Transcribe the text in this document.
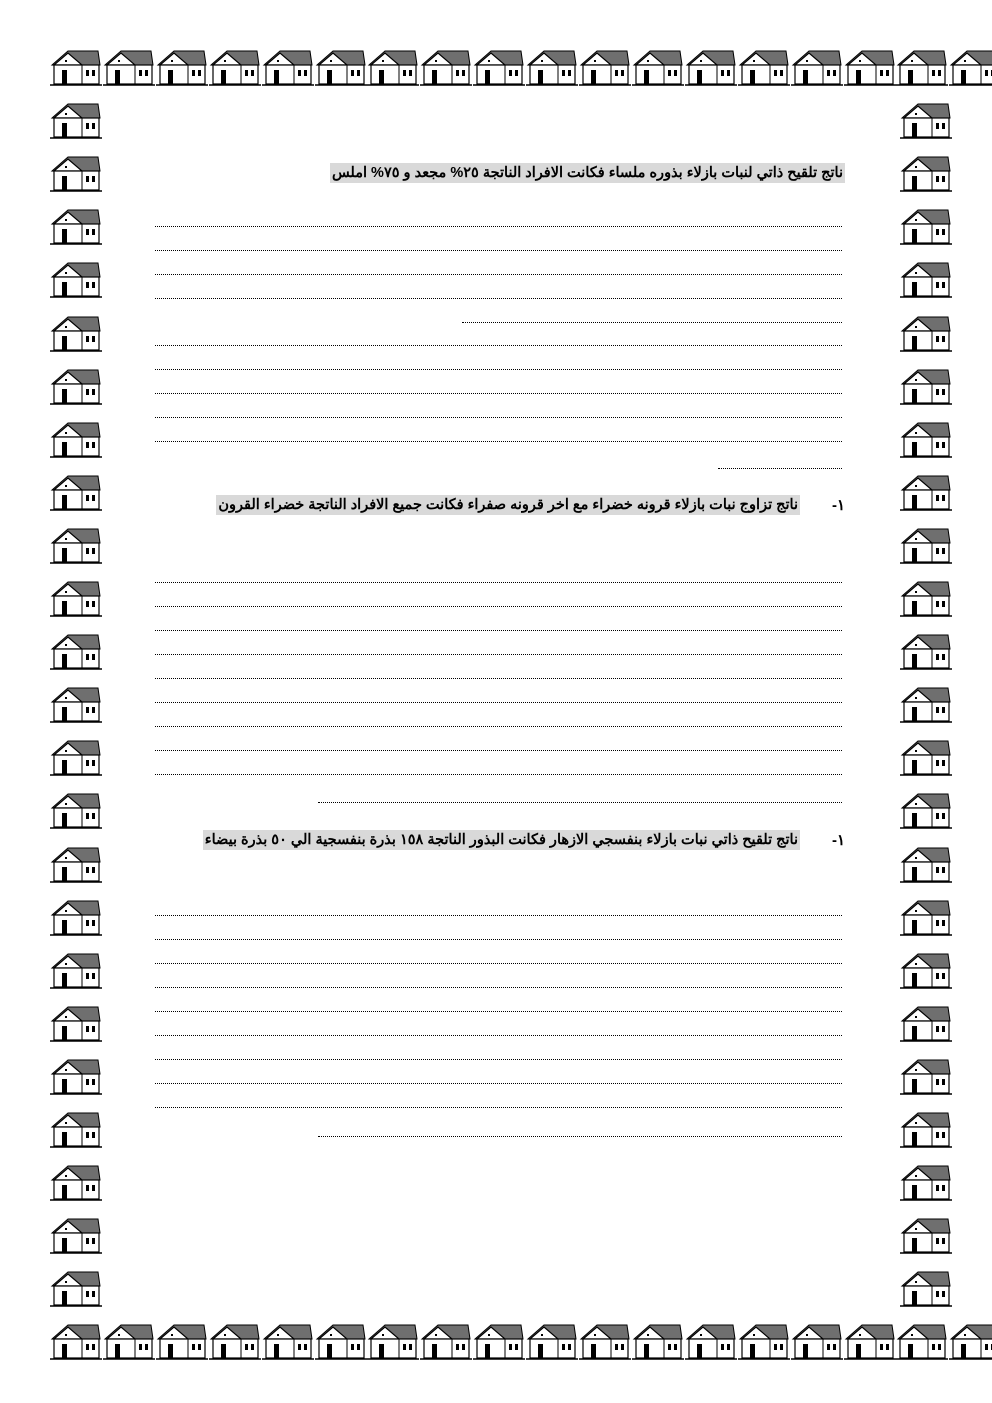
ناتج تلقيح ذاتي لنبات بازلاء بذوره ملساء فكانت الافراد الناتجة ٢٥% مجعد و ٧٥% املس
١-
ناتج تزاوج نبات بازلاء قرونه خضراء مع اخر قرونه صفراء فكانت جميع الافراد الناتجة خضراء القرون
١-
ناتج تلقيح ذاتي نبات بازلاء بنفسجي الازهار فكانت البذور الناتجة ١٥٨ بذرة بنفسجية الي ٥٠ بذرة بيضاء
